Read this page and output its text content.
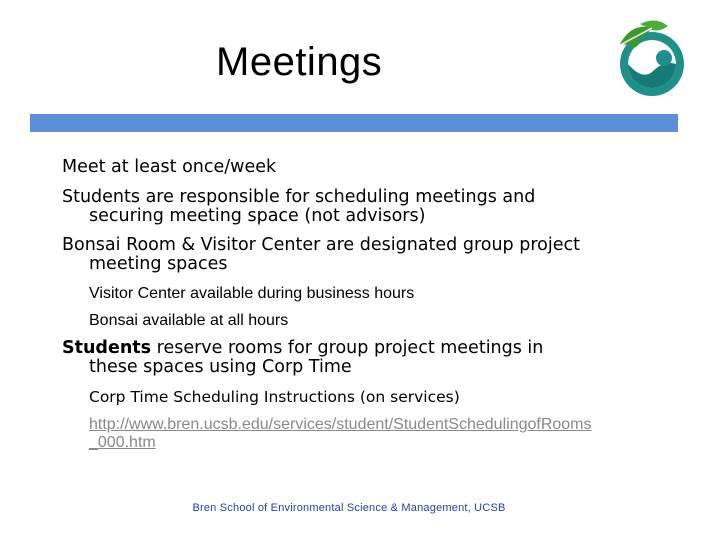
Meetings
Meet at least once/week
Students are responsible for scheduling meetings and
securing meeting space (not advisors)
Bonsai Room & Visitor Center are designated group project
meeting spaces
Visitor Center available during business hours
Bonsai available at all hours
Students reserve rooms for group project meetings in
these spaces using Corp Time
Corp Time Scheduling Instructions (on services)
http://www.bren.ucsb.edu/services/student/StudentSchedulingofRooms
_000.htm
Bren School of Environmental Science & Management, UCSB
